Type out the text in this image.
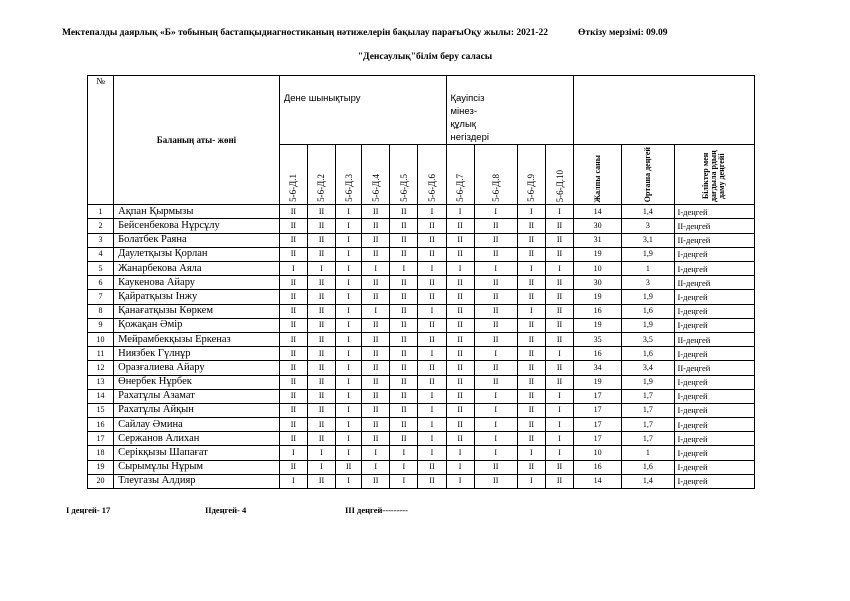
Мектепалды даярлық «Б» тобының бастапқыдиагностиканың нәтижелерін бақылау парағыОқу жылы: 2021-22	Өткізу мерзімі: 09.09
"Денсаулық"білім беру саласы
№	Баланың аты- жөні	Дене шынықтыру						Қауіпсіз
мінез-
құлық
негіздері						

		5-6-Д.1	5-6-Д.2	5-6-Д.3	5-6-Д.4	5-6-Д.5	5-6-Д.6	5-6-Д.7	5-6-Д.8	5-6-Д.9	5-6-Д.10	Жалпы саны	Орташа деңгей	Біліктер мен дағдыла рдың даму деңгейі

1	Ақпан Қырмызы	II	II	I	II	II	I	I	I	I	I	14	1,4	I-деңгей
2	Бейсенбекова Нұрсұлу	II	II	I	II	II	II	II	II	II	II	30	3	II-деңгей
3	Болатбек Раяна	II	II	I	II	II	II	II	II	II	II	31	3,1	II-деңгей
4	Даулетқызы Қорлан	II	II	I	II	II	II	II	II	II	II	19	1,9	I-деңгей
5	Жанарбекова Аяла	I	I	I	I	I	I	I	I	I	I	10	1	I-деңгей
6	Каукенова Айару	II	II	I	II	II	II	II	II	II	II	30	3	II-деңгей
7	Қайратқызы Інжу	II	II	I	II	II	II	II	II	II	II	19	1,9	I-деңгей
8	Қанағатқызы Көркем	II	II	I	I	II	I	II	II	I	II	16	1,6	I-деңгей
9	Қожақан Әмір	II	II	I	II	II	II	II	II	II	II	19	1,9	I-деңгей
10	Мейрамбекқызы Еркеназ	II	II	I	II	II	II	II	II	II	II	35	3,5	II-деңгей
11	Ниязбек Гүлнұр	II	II	I	II	II	I	II	I	II	I	16	1,6	I-деңгей
12	Оразғалиева Айару	II	II	I	II	II	II	II	II	II	II	34	3,4	II-деңгей
13	Өнербек Нұрбек	II	II	I	II	II	II	II	II	II	II	19	1,9	I-деңгей
14	Рахатұлы Азамат	II	II	I	II	II	I	II	I	II	I	17	1,7	I-деңгей
15	Рахатұлы Айқын	II	II	I	II	II	I	II	I	II	I	17	1,7	I-деңгей
16	Сайлау Әмина	II	II	I	II	II	I	II	I	II	I	17	1,7	I-деңгей
17	Сержанов Алихан	II	II	I	II	II	I	II	I	II	I	17	1,7	I-деңгей
18	Серікқызы Шапағат	I	I	I	I	I	I	I	I	I	I	10	1	I-деңгей
19	Сырымұлы Нұрым	II	I	II	I	I	II	I	II	II	II	16	1,6	I-деңгей
20	Тлеугазы Алдияр	I	II	I	II	I	II	I	II	I	II	14	1,4	I-деңгей
I деңгей- 17	IIдеңгей- 4	III деңгей---------
